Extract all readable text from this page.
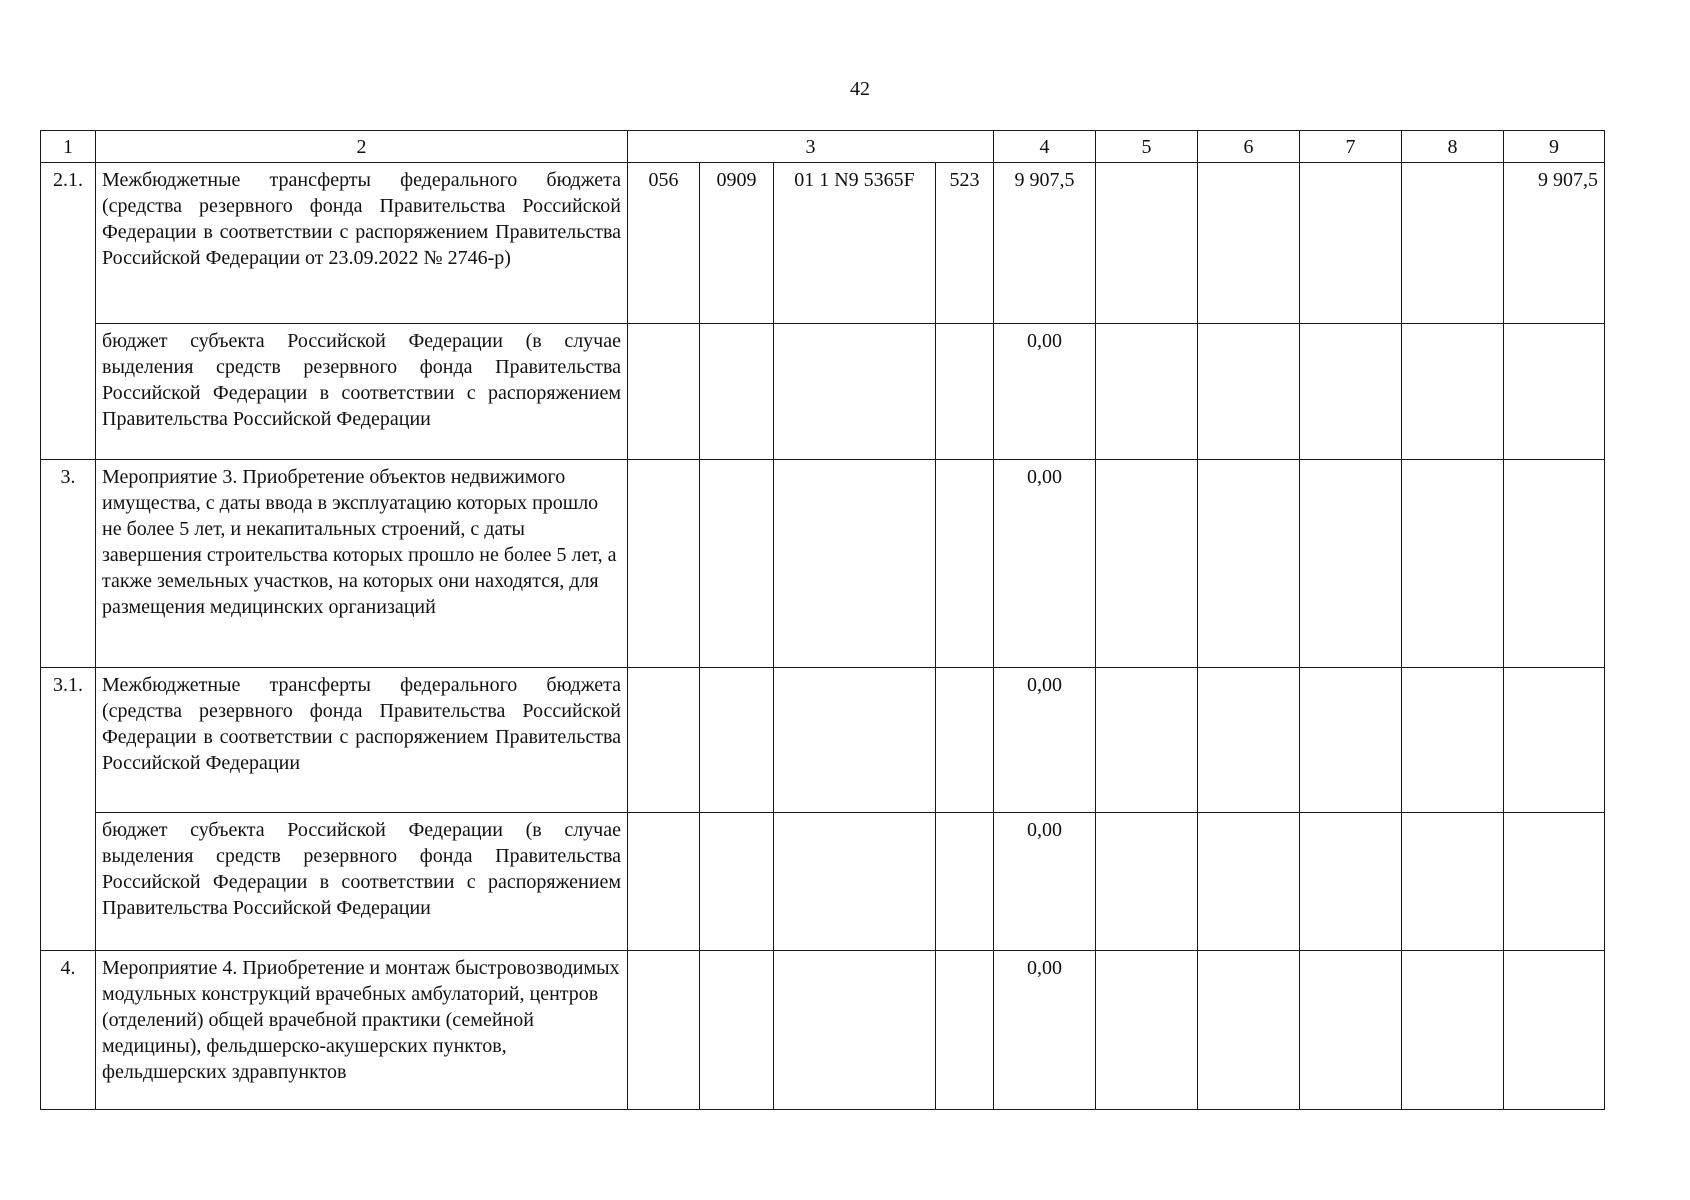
42
1	2	3				4	5	6	7	8	9
2.1.	Межбюджетные трансферты федерального бюджета (средства резервного фонда Правительства Российской Федерации в соответствии с распоряжением Правительства Российской Федерации от 23.09.2022 № 2746-р)	056	0909	01 1 N9 5365F	523	9 907,5					9 907,5
	бюджет субъекта Российской Федерации (в случае выделения средств резервного фонда Правительства Российской Федерации в соответствии с распоряжением Правительства Российской Федерации					0,00					
3.	Мероприятие 3. Приобретение объектов недвижимого имущества, с даты ввода в эксплуатацию которых прошло не более 5 лет, и некапитальных строений, с даты завершения строительства которых прошло не более 5 лет, а также земельных участков, на которых они находятся, для размещения медицинских организаций					0,00					
3.1.	Межбюджетные трансферты федерального бюджета (средства резервного фонда Правительства Российской Федерации в соответствии с распоряжением Правительства Российской Федерации					0,00					
	бюджет субъекта Российской Федерации (в случае выделения средств резервного фонда Правительства Российской Федерации в соответствии с распоряжением Правительства Российской Федерации					0,00					
4.	Мероприятие 4. Приобретение и монтаж быстровозводимых модульных конструкций врачебных амбулаторий, центров (отделений) общей врачебной практики (семейной медицины), фельдшерско-акушерских пунктов, фельдшерских здравпунктов					0,00					
